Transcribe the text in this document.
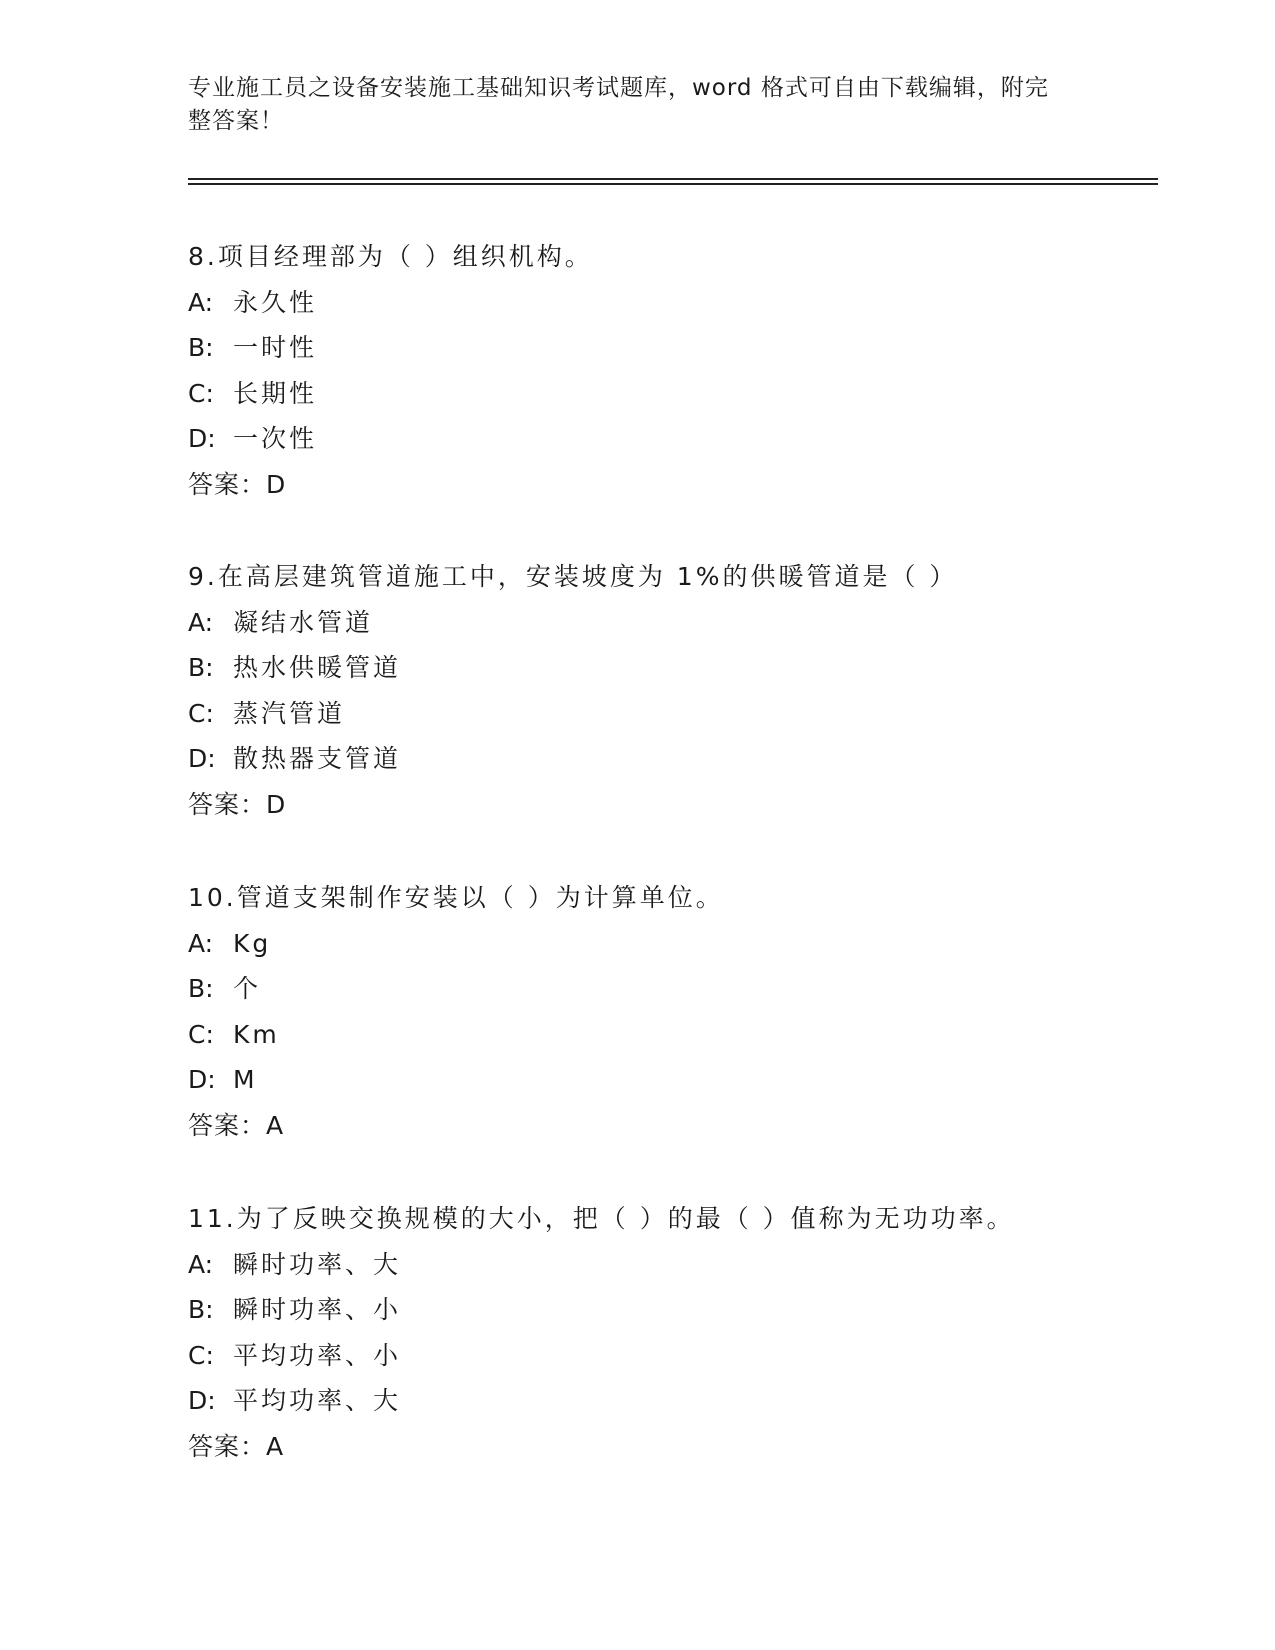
专业施工员之设备安装施工基础知识考试题库，word 格式可自由下载编辑，附完
整答案！
8.项目经理部为（ ）组织机构。
A: 永久性
B: 一时性
C: 长期性
D: 一次性
答案：D
9.在高层建筑管道施工中，安装坡度为 1%的供暖管道是（ ）
A: 凝结水管道
B: 热水供暖管道
C: 蒸汽管道
D: 散热器支管道
答案：D
10.管道支架制作安装以（ ）为计算单位。
A: Kg
B: 个
C: Km
D: M
答案：A
11.为了反映交换规模的大小，把（ ）的最（ ）值称为无功功率。
A: 瞬时功率、大
B: 瞬时功率、小
C: 平均功率、小
D: 平均功率、大
答案：A
